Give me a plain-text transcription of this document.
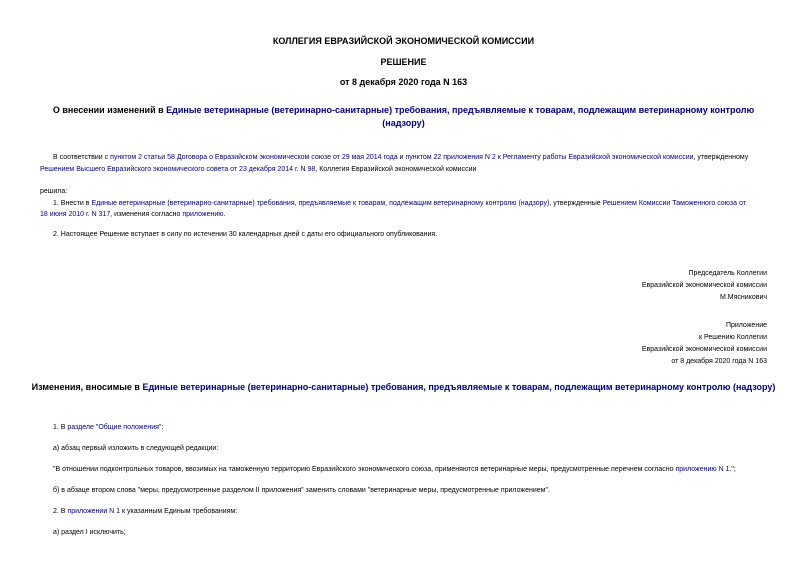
КОЛЛЕГИЯ ЕВРАЗИЙСКОЙ ЭКОНОМИЧЕСКОЙ КОМИССИИ
РЕШЕНИЕ
от 8 декабря 2020 года N 163
О внесении изменений в Единые ветеринарные (ветеринарно-санитарные) требования, предъявляемые к товарам, подлежащим ветеринарному контролю
(надзору)
В соответствии с пунктом 2 статьи 58 Договора о Евразийском экономическом союзе от 29 мая 2014 года и пунктом 22 приложения N 2 к Регламенту работы Евразийской экономической комиссии, утвержденному
Решением Высшего Евразийского экономического совета от 23 декабря 2014 г. N 98, Коллегия Евразийской экономической комиссии
решила:
1. Внести в Единые ветеринарные (ветеринарно-санитарные) требования, предъявляемые к товарам, подлежащим ветеринарному контролю (надзору), утвержденные Решением Комиссии Таможенного союза от
18 июня 2010 г. N 317, изменения согласно приложению.
2. Настоящее Решение вступает в силу по истечении 30 календарных дней с даты его официального опубликования.
Председатель Коллегии
Евразийской экономической комиссии
М.Мясникович
Приложение
к Решению Коллегии
Евразийской экономической комиссии
от 8 декабря 2020 года N 163
Изменения, вносимые в Единые ветеринарные (ветеринарно-санитарные) требования, предъявляемые к товарам, подлежащим ветеринарному контролю (надзору)
1. В разделе "Общие положения":
а) абзац первый изложить в следующей редакции:
"В отношении подконтрольных товаров, ввозимых на таможенную территорию Евразийского экономического союза, применяются ветеринарные меры, предусмотренные перечнем согласно приложению N 1.";
б) в абзаце втором слова "меры, предусмотренные разделом II приложения" заменить словами "ветеринарные меры, предусмотренные приложением".
2. В приложении N 1 к указанным Единым требованиям:
а) раздел I исключить;
